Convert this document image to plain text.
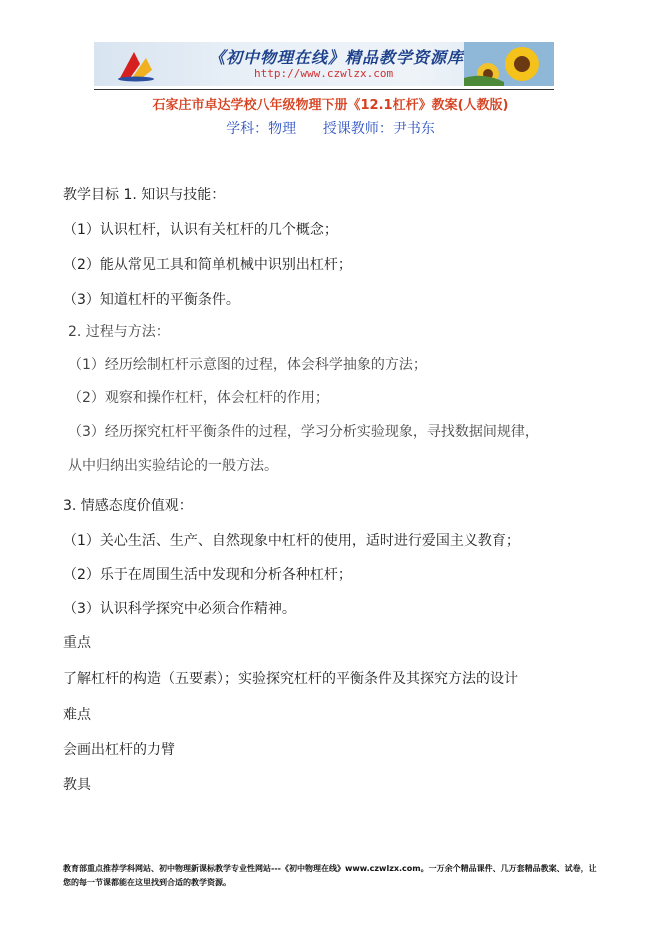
《初中物理在线》精品教学资源库
http://www.czwlzx.com
石家庄市卓达学校八年级物理下册《12.1杠杆》教案(人教版)
学科：物理      授课教师：尹书东
教学目标 1. 知识与技能：
（1）认识杠杆，认识有关杠杆的几个概念；
（2）能从常见工具和简单机械中识别出杠杆；
（3）知道杠杆的平衡条件。
2. 过程与方法：
（1）经历绘制杠杆示意图的过程，体会科学抽象的方法；
（2）观察和操作杠杆，体会杠杆的作用；
（3）经历探究杠杆平衡条件的过程，学习分析实验现象，寻找数据间规律，
从中归纳出实验结论的一般方法。
3. 情感态度价值观：
（1）关心生活、生产、自然现象中杠杆的使用，适时进行爱国主义教育；
（2）乐于在周围生活中发现和分析各种杠杆；
（3）认识科学探究中必须合作精神。
重点
了解杠杆的构造（五要素）；实验探究杠杆的平衡条件及其探究方法的设计
难点
会画出杠杆的力臂
教具
教育部重点推荐学科网站、初中物理新课标教学专业性网站---《初中物理在线》www.czwlzx.com。一万余个精品课件、几万套精品教案、试卷，让您的每一节课都能在这里找到合适的教学资源。
